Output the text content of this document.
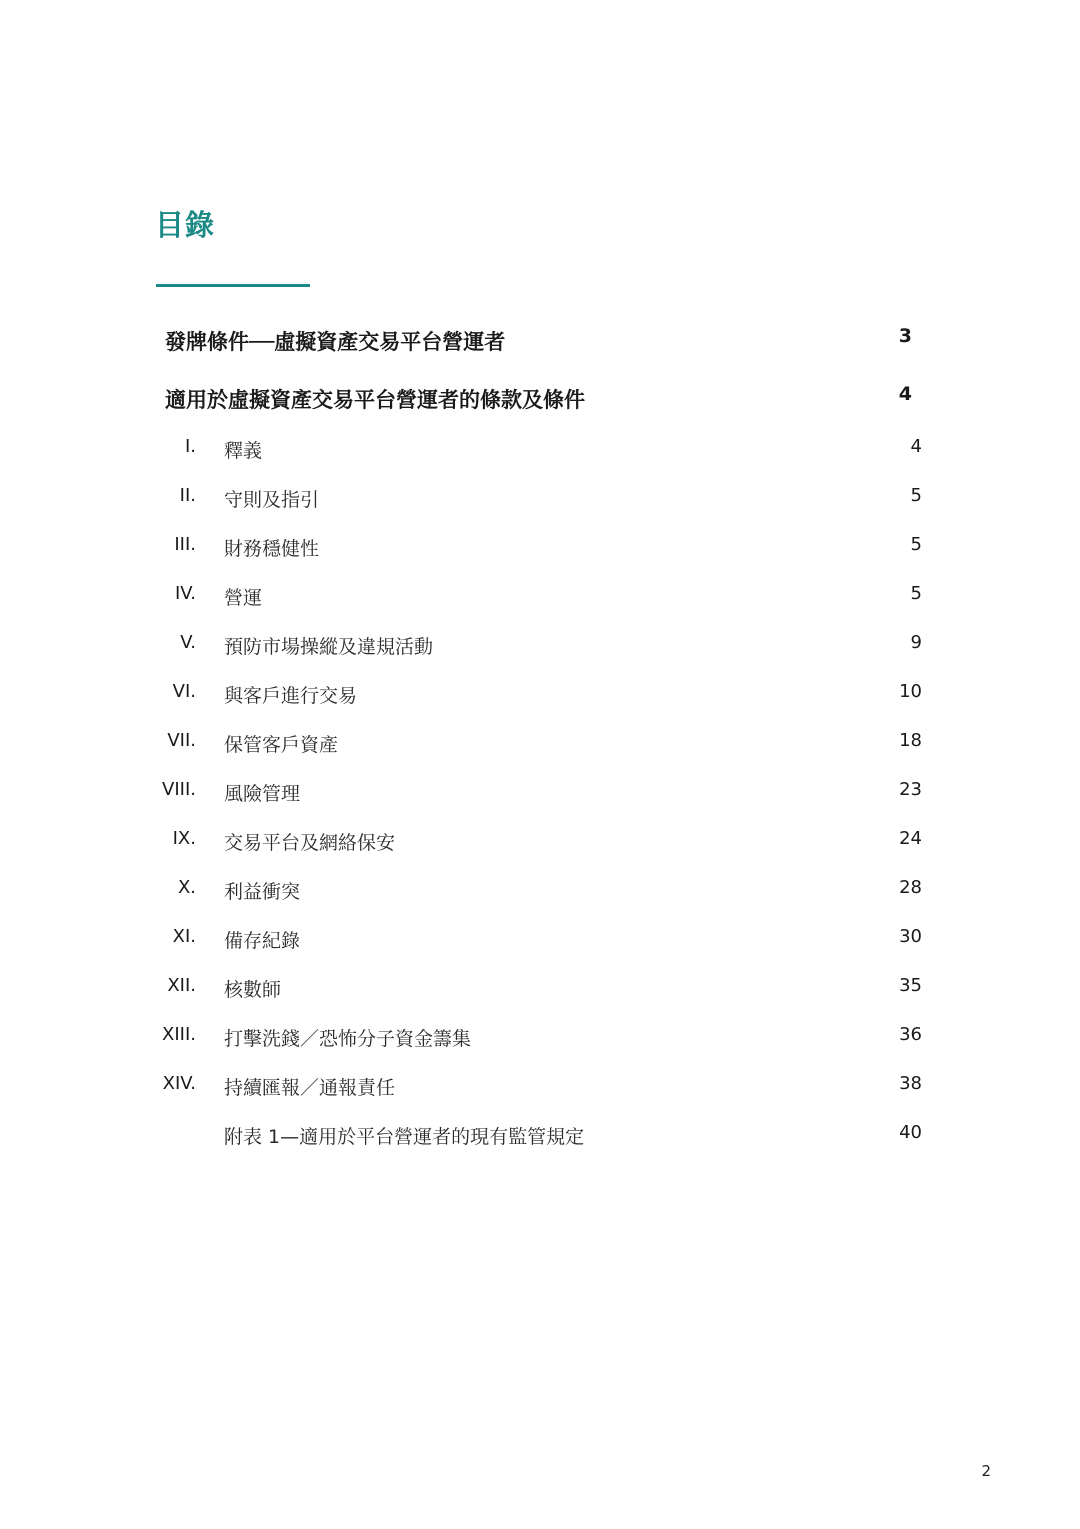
目錄
發牌條件──虛擬資產交易平台營運者	3
適用於虛擬資產交易平台營運者的條款及條件	4
I. 釋義	4
II. 守則及指引	5
III. 財務穩健性	5
IV. 營運	5
V. 預防市場操縱及違規活動	9
VI. 與客戶進行交易	10
VII. 保管客戶資產	18
VIII. 風險管理	23
IX. 交易平台及網絡保安	24
X. 利益衝突	28
XI. 備存紀錄	30
XII. 核數師	35
XIII. 打擊洗錢／恐怖分子資金籌集	36
XIV. 持續匯報／通報責任	38
附表 1—適用於平台營運者的現有監管規定	40
2
